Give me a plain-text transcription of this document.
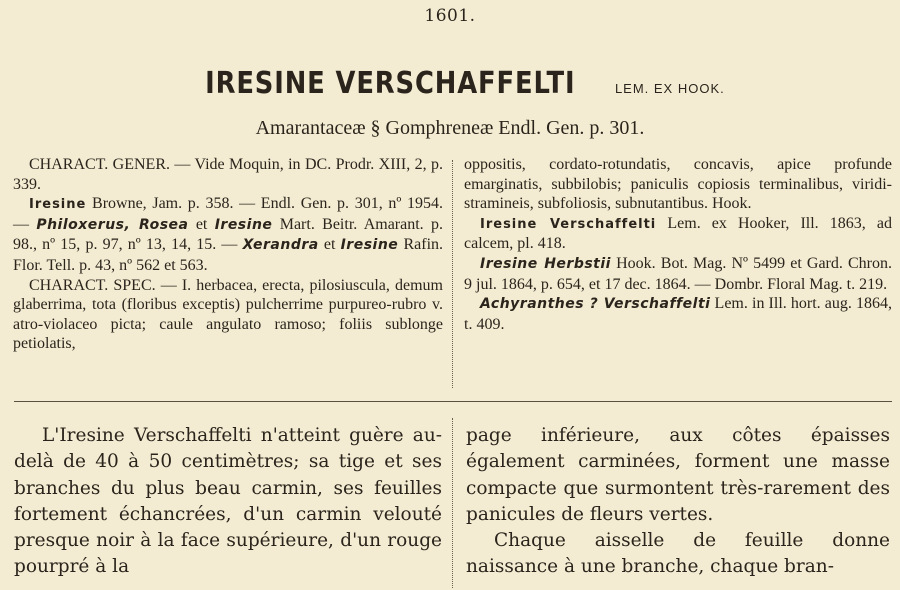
1601.
IRESINE VERSCHAFFELTI	LEM. EX HOOK.
Amarantaceæ § Gomphreneæ Endl. Gen. p. 301.

CHARACT. GENER. — Vide Moquin, in DC. Prodr. XIII, 2, p. 339.

Iresine Browne, Jam. p. 358. — Endl. Gen. p. 301, nº 1954. — Philoxerus, Rosea et Iresine Mart. Beitr. Amarant. p. 98., nº 15, p. 97, nº 13, 14, 15. — Xerandra et Iresine Rafin. Flor. Tell. p. 43, nº 562 et 563.

CHARACT. SPEC. — I. herbacea, erecta, pilosiuscula, demum glaberrima, tota (floribus exceptis) pulcherrime purpureo-rubro v. atro-violaceo picta; caule angulato ramoso; foliis sublonge petiolatis,

oppositis, cordato-rotundatis, concavis, apice profunde emarginatis, subbilobis; paniculis copiosis terminalibus, viridi-stramineis, subfoliosis, subnutantibus. Hook.

Iresine Verschaffelti Lem. ex Hooker, Ill. 1863, ad calcem, pl. 418.

Iresine Herbstii Hook. Bot. Mag. Nº 5499 et Gard. Chron. 9 jul. 1864, p. 654, et 17 dec. 1864. — Dombr. Floral Mag. t. 219.

Achyranthes ? Verschaffelti Lem. in Ill. hort. aug. 1864, t. 409.

L'Iresine Verschaffelti n'atteint guère au-delà de 40 à 50 centimètres; sa tige et ses branches du plus beau carmin, ses feuilles fortement échancrées, d'un carmin velouté presque noir à la face supérieure, d'un rouge pourpré à la

page inférieure, aux côtes épaisses également carminées, forment une masse compacte que surmontent très-rarement des panicules de fleurs vertes.

Chaque aisselle de feuille donne naissance à une branche, chaque bran-
